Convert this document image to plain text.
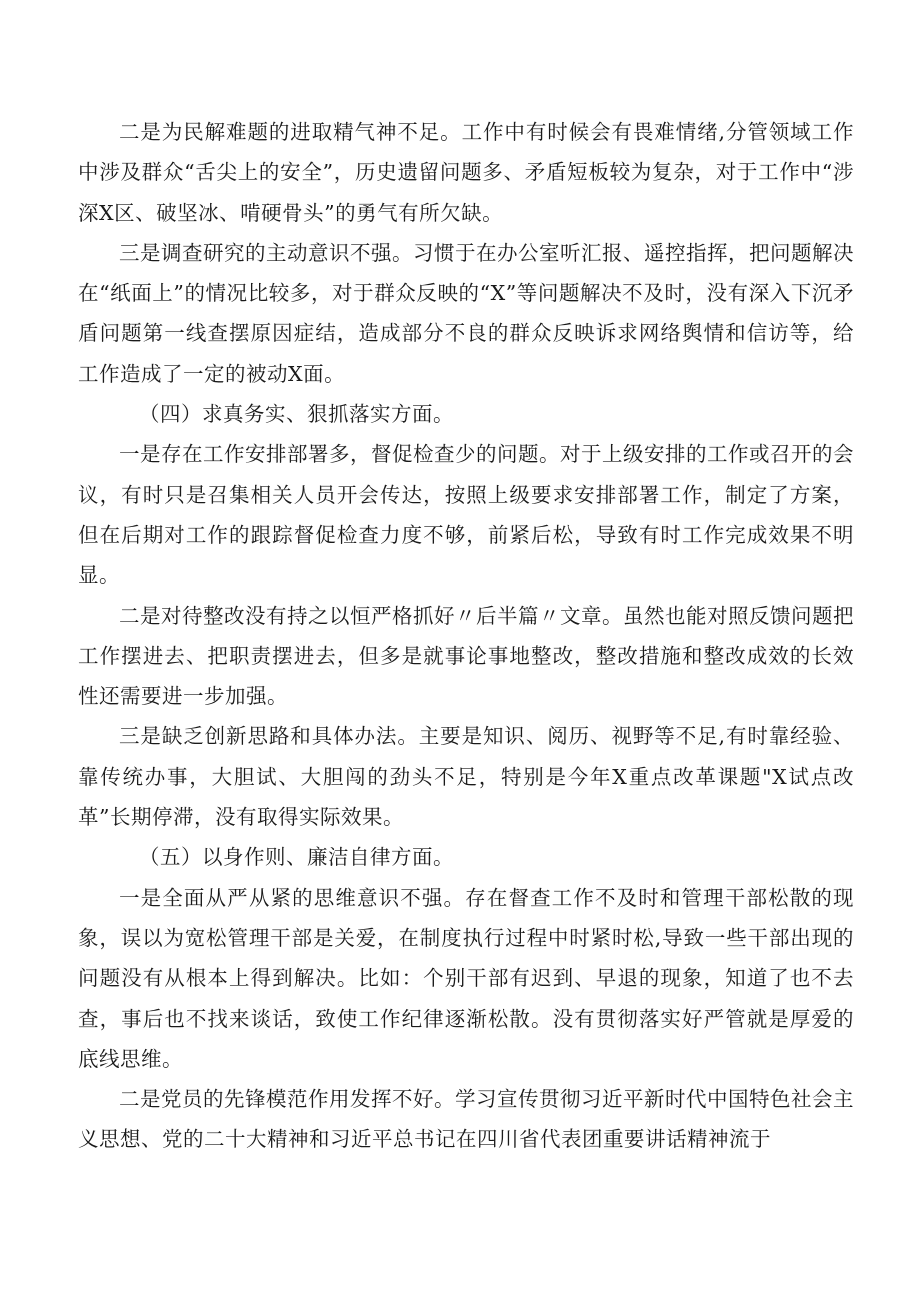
二是为民解难题的进取精气神不足。工作中有时候会有畏难情绪,分管领域工作中涉及群众“舌尖上的安全”，历史遗留问题多、矛盾短板较为复杂，对于工作中“涉深X区、破坚冰、啃硬骨头”的勇气有所欠缺。

三是调查研究的主动意识不强。习惯于在办公室听汇报、遥控指挥，把问题解决在“纸面上”的情况比较多，对于群众反映的“X”等问题解决不及时，没有深入下沉矛盾问题第一线查摆原因症结，造成部分不良的群众反映诉求网络舆情和信访等，给工作造成了一定的被动X面。

（四）求真务实、狠抓落实方面。

一是存在工作安排部署多，督促检查少的问题。对于上级安排的工作或召开的会议，有时只是召集相关人员开会传达，按照上级要求安排部署工作，制定了方案，但在后期对工作的跟踪督促检查力度不够，前紧后松，导致有时工作完成效果不明显。

二是对待整改没有持之以恒严格抓好〃后半篇〃文章。虽然也能对照反馈问题把工作摆进去、把职责摆进去，但多是就事论事地整改，整改措施和整改成效的长效性还需要进一步加强。

三是缺乏创新思路和具体办法。主要是知识、阅历、视野等不足,有时靠经验、靠传统办事，大胆试、大胆闯的劲头不足，特别是今年X重点改革课题"X试点改革”长期停滞，没有取得实际效果。

（五）以身作则、廉洁自律方面。

一是全面从严从紧的思维意识不强。存在督查工作不及时和管理干部松散的现象，误以为宽松管理干部是关爱，在制度执行过程中时紧时松,导致一些干部出现的问题没有从根本上得到解决。比如：个别干部有迟到、早退的现象，知道了也不去查，事后也不找来谈话，致使工作纪律逐渐松散。没有贯彻落实好严管就是厚爱的底线思维。

二是党员的先锋模范作用发挥不好。学习宣传贯彻习近平新时代中国特色社会主义思想、党的二十大精神和习近平总书记在四川省代表团重要讲话精神流于
